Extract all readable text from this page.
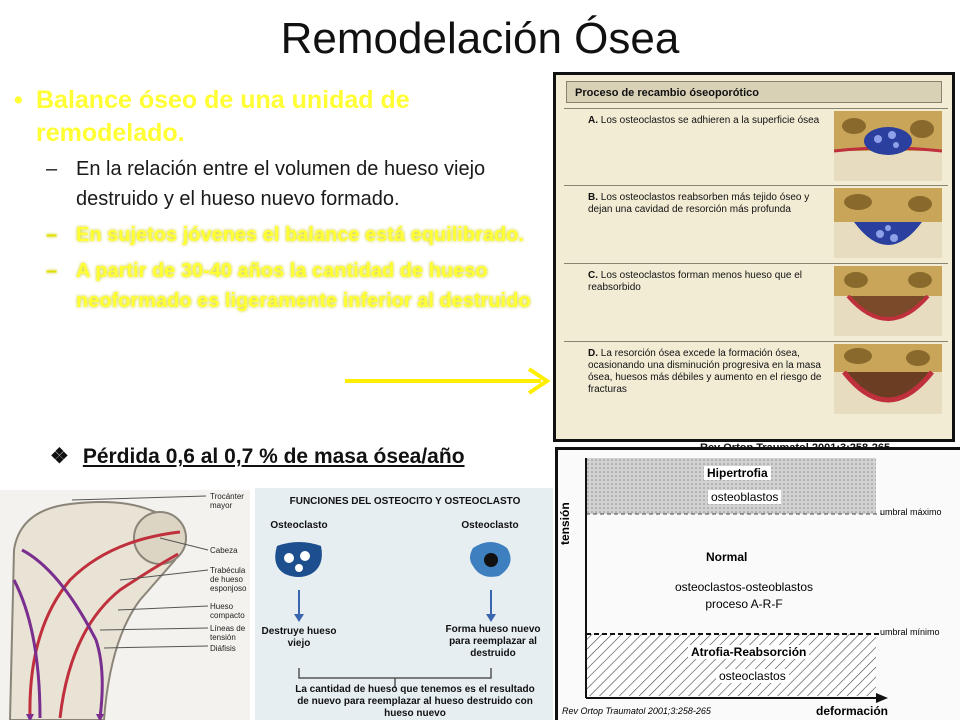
Remodelación Ósea
• Balance óseo de una unidad de remodelado.
– En la relación entre el volumen de hueso viejo destruido y el hueso nuevo formado.
– En sujetos jóvenes el balance está equilibrado.
– A partir de 30-40 años la cantidad de hueso neoformado es ligeramente inferior al destruido
❖ Pérdida 0,6 al 0,7 % de masa ósea/año
Proceso de recambio óseoporótico
A. Los osteoclastos se adhieren a la superficie ósea
B. Los osteoclastos reabsorben más tejido óseo y dejan una cavidad de resorción más profunda
C. Los osteoclastos forman menos hueso que el reabsorbido
D. La resorción ósea excede la formación ósea, ocasionando una disminución progresiva en la masa ósea, huesos más débiles y aumento en el riesgo de fracturas
tensión
deformación
Hipertrofia
osteoblastos
Normal
osteoclastos-osteoblastos
proceso A-R-F
Atrofia-Reabsorción
osteoclastos
umbral máximo
umbral mínimo
Rev Ortop Traumatol 2001;3:258-265
Trocánter mayor
Cabeza
Trabécula de hueso esponjoso
Hueso compacto
Líneas de tensión
Diáfisis
FUNCIONES DEL OSTEOCITO Y OSTEOCLASTO
Osteoclasto	Osteoclasto
Destruye hueso viejo
Forma hueso nuevo para reemplazar al destruido
La cantidad de hueso que tenemos es el resultado de nuevo para reemplazar al hueso destruido con hueso nuevo
